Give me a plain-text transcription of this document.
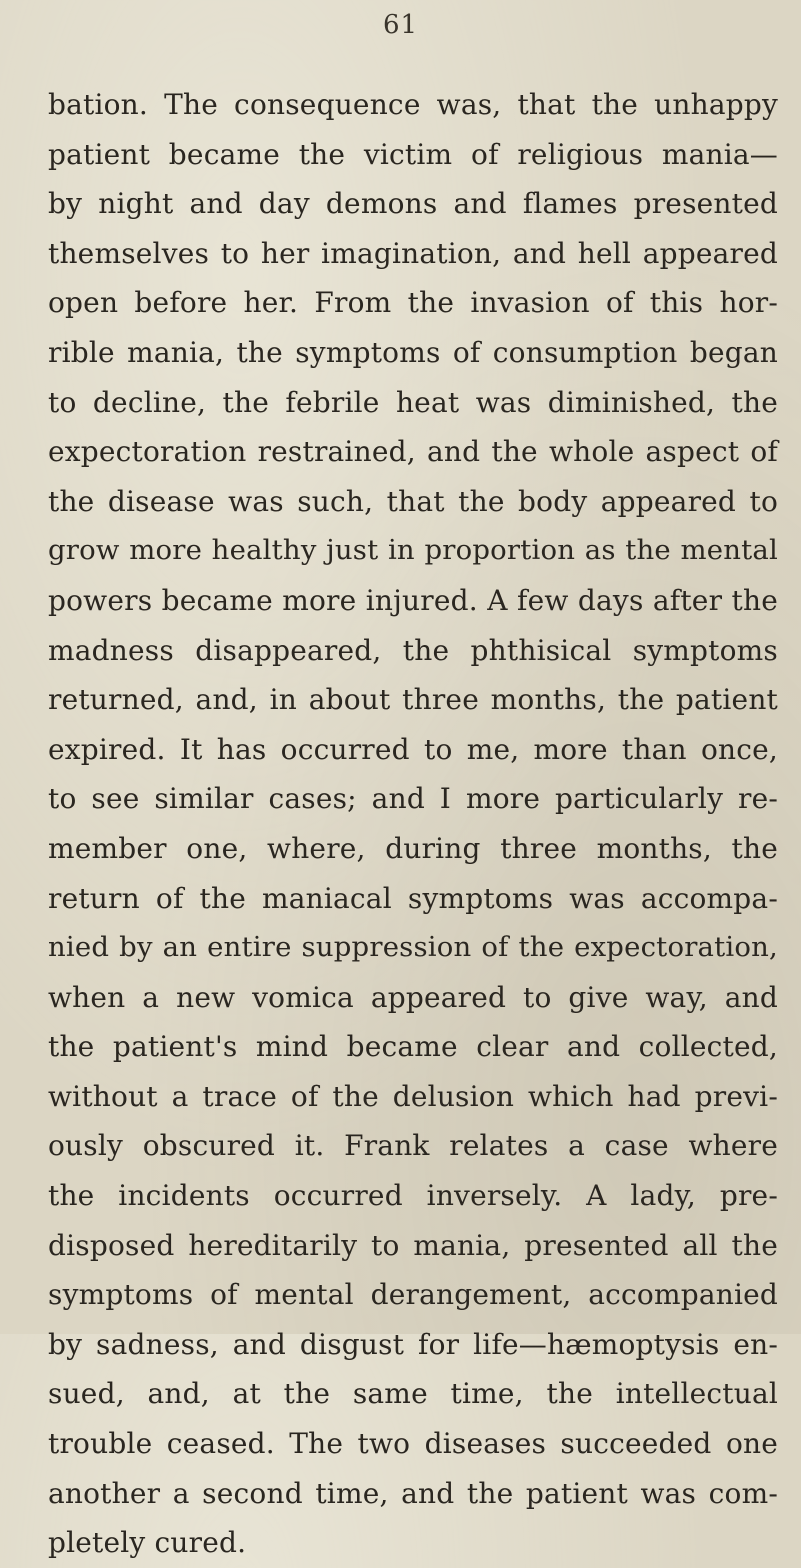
61
bation. The consequence was, that the unhappy
patient became the victim of religious mania—
by night and day demons and flames presented
themselves to her imagination, and hell appeared
open before her. From the invasion of this hor-
rible mania, the symptoms of consumption began
to decline, the febrile heat was diminished, the
expectoration restrained, and the whole aspect of
the disease was such, that the body appeared to
grow more healthy just in proportion as the mental
powers became more injured. A few days after the
madness disappeared, the phthisical symptoms
returned, and, in about three months, the patient
expired. It has occurred to me, more than once,
to see similar cases; and I more particularly re-
member one, where, during three months, the
return of the maniacal symptoms was accompa-
nied by an entire suppression of the expectoration,
when a new vomica appeared to give way, and
the patient's mind became clear and collected,
without a trace of the delusion which had previ-
ously obscured it. Frank relates a case where
the incidents occurred inversely. A lady, pre-
disposed hereditarily to mania, presented all the
symptoms of mental derangement, accompanied
by sadness, and disgust for life—hæmoptysis en-
sued, and, at the same time, the intellectual
trouble ceased. The two diseases succeeded one
another a second time, and the patient was com-
pletely cured.
